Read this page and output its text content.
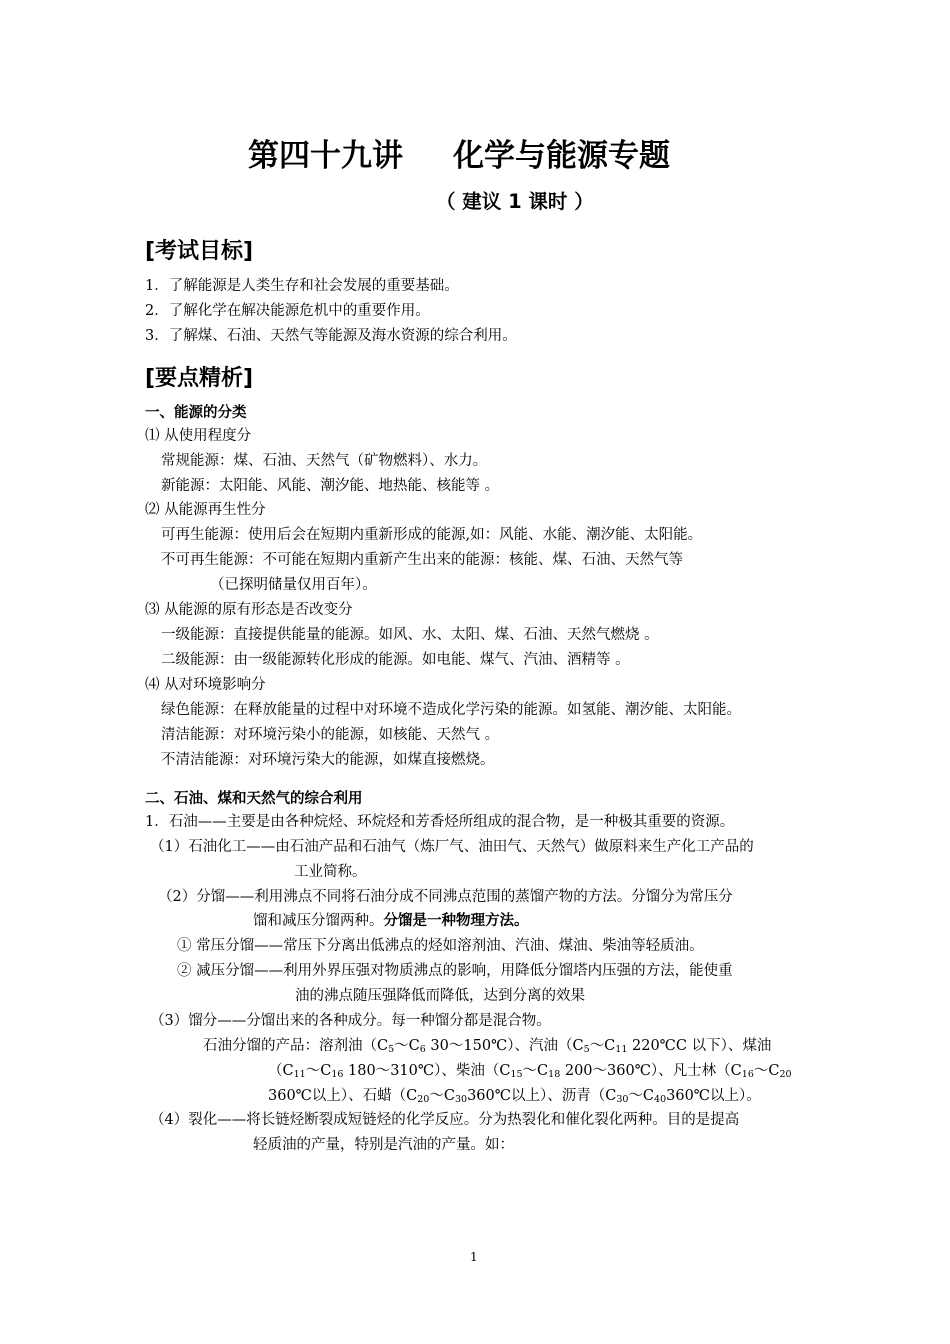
第四十九讲 化学与能源专题
（ 建议 1 课时 ）
[考试目标]
1．了解能源是人类生存和社会发展的重要基础。
2．了解化学在解决能源危机中的重要作用。
3．了解煤、石油、天然气等能源及海水资源的综合利用。
[要点精析]
一、能源的分类
⑴ 从使用程度分
常规能源：煤、石油、天然气（矿物燃料）、水力。
新能源：太阳能、风能、潮汐能、地热能、核能等 。
⑵ 从能源再生性分
可再生能源：使用后会在短期内重新形成的能源,如：风能、水能、潮汐能、太阳能。
不可再生能源：不可能在短期内重新产生出来的能源：核能、煤、石油、天然气等
（已探明储量仅用百年）。
⑶ 从能源的原有形态是否改变分
一级能源：直接提供能量的能源。如风、水、太阳、煤、石油、天然气燃烧 。
二级能源：由一级能源转化形成的能源。如电能、煤气、汽油、酒精等 。
⑷ 从对环境影响分
绿色能源：在释放能量的过程中对环境不造成化学污染的能源。如氢能、潮汐能、太阳能。
清洁能源：对环境污染小的能源，如核能、天然气 。
不清洁能源：对环境污染大的能源，如煤直接燃烧。
二、石油、煤和天然气的综合利用
1．石油——主要是由各种烷烃、环烷烃和芳香烃所组成的混合物，是一种极其重要的资源。
（1）石油化工——由石油产品和石油气（炼厂气、油田气、天然气）做原料来生产化工产品的
工业简称。
（2）分馏——利用沸点不同将石油分成不同沸点范围的蒸馏产物的方法。分馏分为常压分
馏和减压分馏两种。分馏是一种物理方法。
① 常压分馏——常压下分离出低沸点的烃如溶剂油、汽油、煤油、柴油等轻质油。
② 减压分馏——利用外界压强对物质沸点的影响，用降低分馏塔内压强的方法，能使重
油的沸点随压强降低而降低，达到分离的效果
（3）馏分——分馏出来的各种成分。每一种馏分都是混合物。
石油分馏的产品：溶剂油（$C_5\sim C_6$ 30～150℃）、汽油（$C_5\sim C_{11}$ 220℃C 以下）、煤油
（$C_{11}\sim C_{16}$ 180～310℃）、柴油（$C_{15}\sim C_{18}$ 200～360℃）、凡士林（$C_{16}\sim C_{20}$
360℃以上）、石蜡（$C_{20}\sim C_{30}360℃$以上）、沥青（$C_{30}\sim C_{40}360℃$以上）。
（4）裂化——将长链烃断裂成短链烃的化学反应。分为热裂化和催化裂化两种。目的是提高
轻质油的产量，特别是汽油的产量。如：
1
